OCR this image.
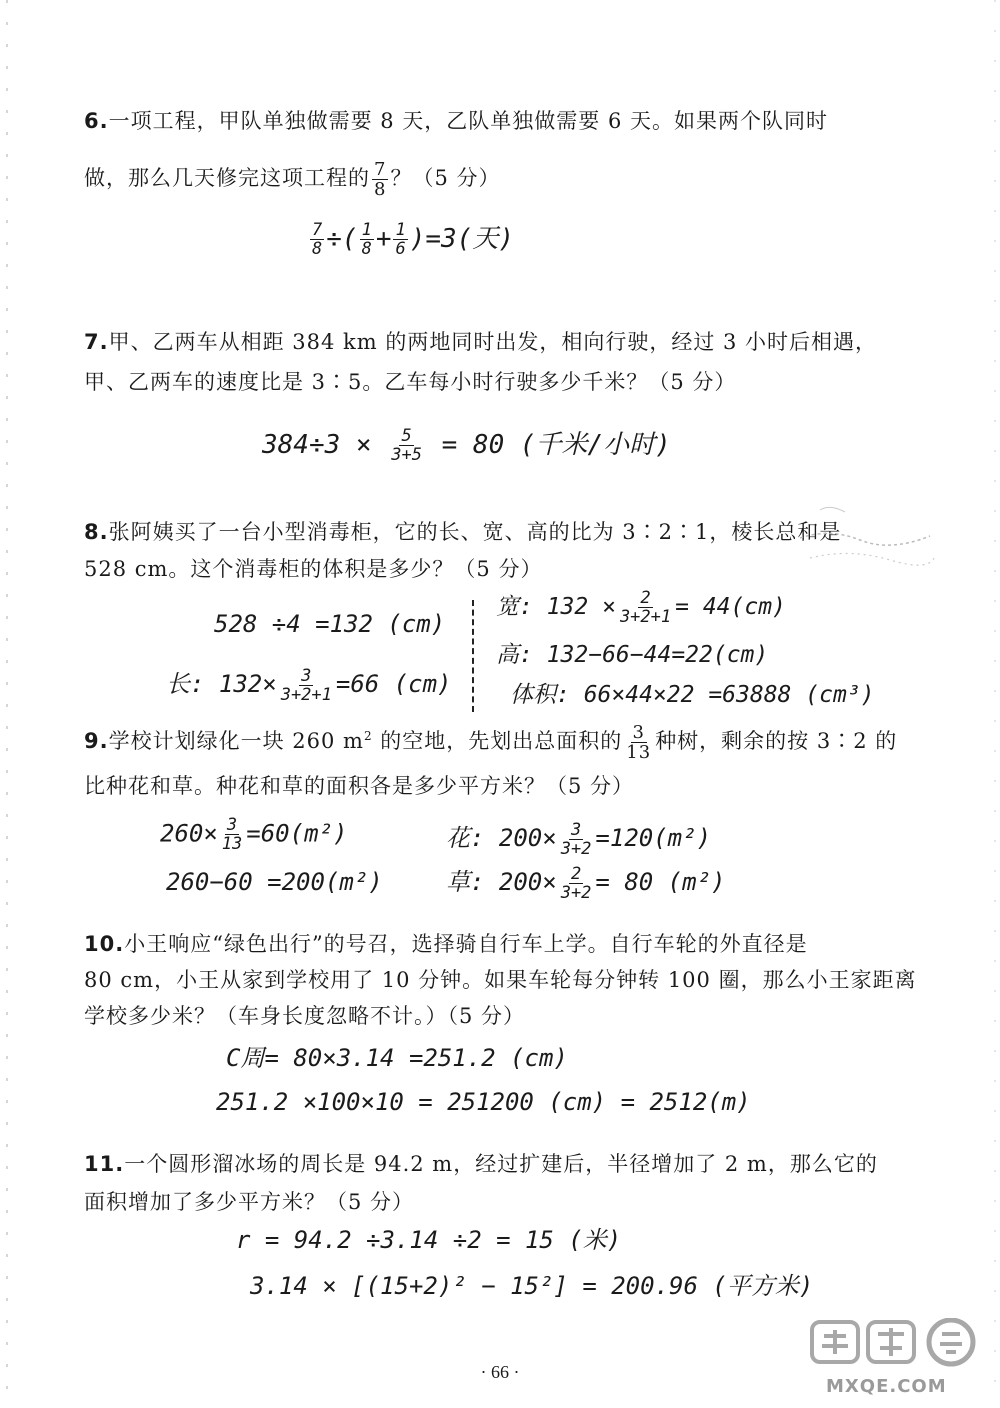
6.一项工程，甲队单独做需要 8 天，乙队单独做需要 6 天。如果两个队同时

做，那么几天修完这项工程的 $\frac{7}{8}$ ？（5 分）

$\frac{7}{8}$ ÷( $\frac{1}{8} + \frac{1}{6} )=3$(天)

7.甲、乙两车从相距 384 km 的两地同时出发，相向行驶，经过 3 小时后相遇，

甲、乙两车的速度比是 3∶5。乙车每小时行驶多少千米？（5 分）

$384\div 3 \times \frac{5}{3+5} = 80$ (千米/小时)

8.张阿姨买了一台小型消毒柜，它的长、宽、高的比为 3∶2∶1，棱长总和是

528 cm。这个消毒柜的体积是多少？（5 分）

528 ÷4 =132 (cm)
长: $132\times \frac{3}{3+2+1} =66$ (cm)
宽: $132 \times \frac{2}{3+2+1} = 44(cm)$
高: 132−66−44=22(cm)
体积: 66×44×22 =63888 (cm³)

9.学校计划绿化一块 260 $m^2$ 的空地，先划出总面积的 $\frac{3}{13}$ 种树，剩余的按 3∶2 的

比种花和草。种花和草的面积各是多少平方米？（5 分）

$260\times \frac{3}{13} =60(m^2)$
260−60 =200(m²)
花: $200\times \frac{3}{3+2} =120(m^2)$
草: $200\times \frac{2}{3+2} = 80$ (m²)

10.小王响应“绿色出行”的号召，选择骑自行车上学。自行车轮的外直径是

80 cm，小王从家到学校用了 10 分钟。如果车轮每分钟转 100 圈，那么小王家距离

学校多少米？（车身长度忽略不计。）（5 分）

C周= 80×3.14 =251.2 (cm)
251.2 ×100×10 = 251200 (cm) = 2512(m)

11.一个圆形溜冰场的周长是 94.2 m，经过扩建后，半径增加了 2 m，那么它的

面积增加了多少平方米？（5 分）

r = 94.2 ÷3.14 ÷2 = 15 (米)
3.14 × [(15+2)² − 15²] = 200.96 (平方米)
· 66 ·
MXQE.COM
